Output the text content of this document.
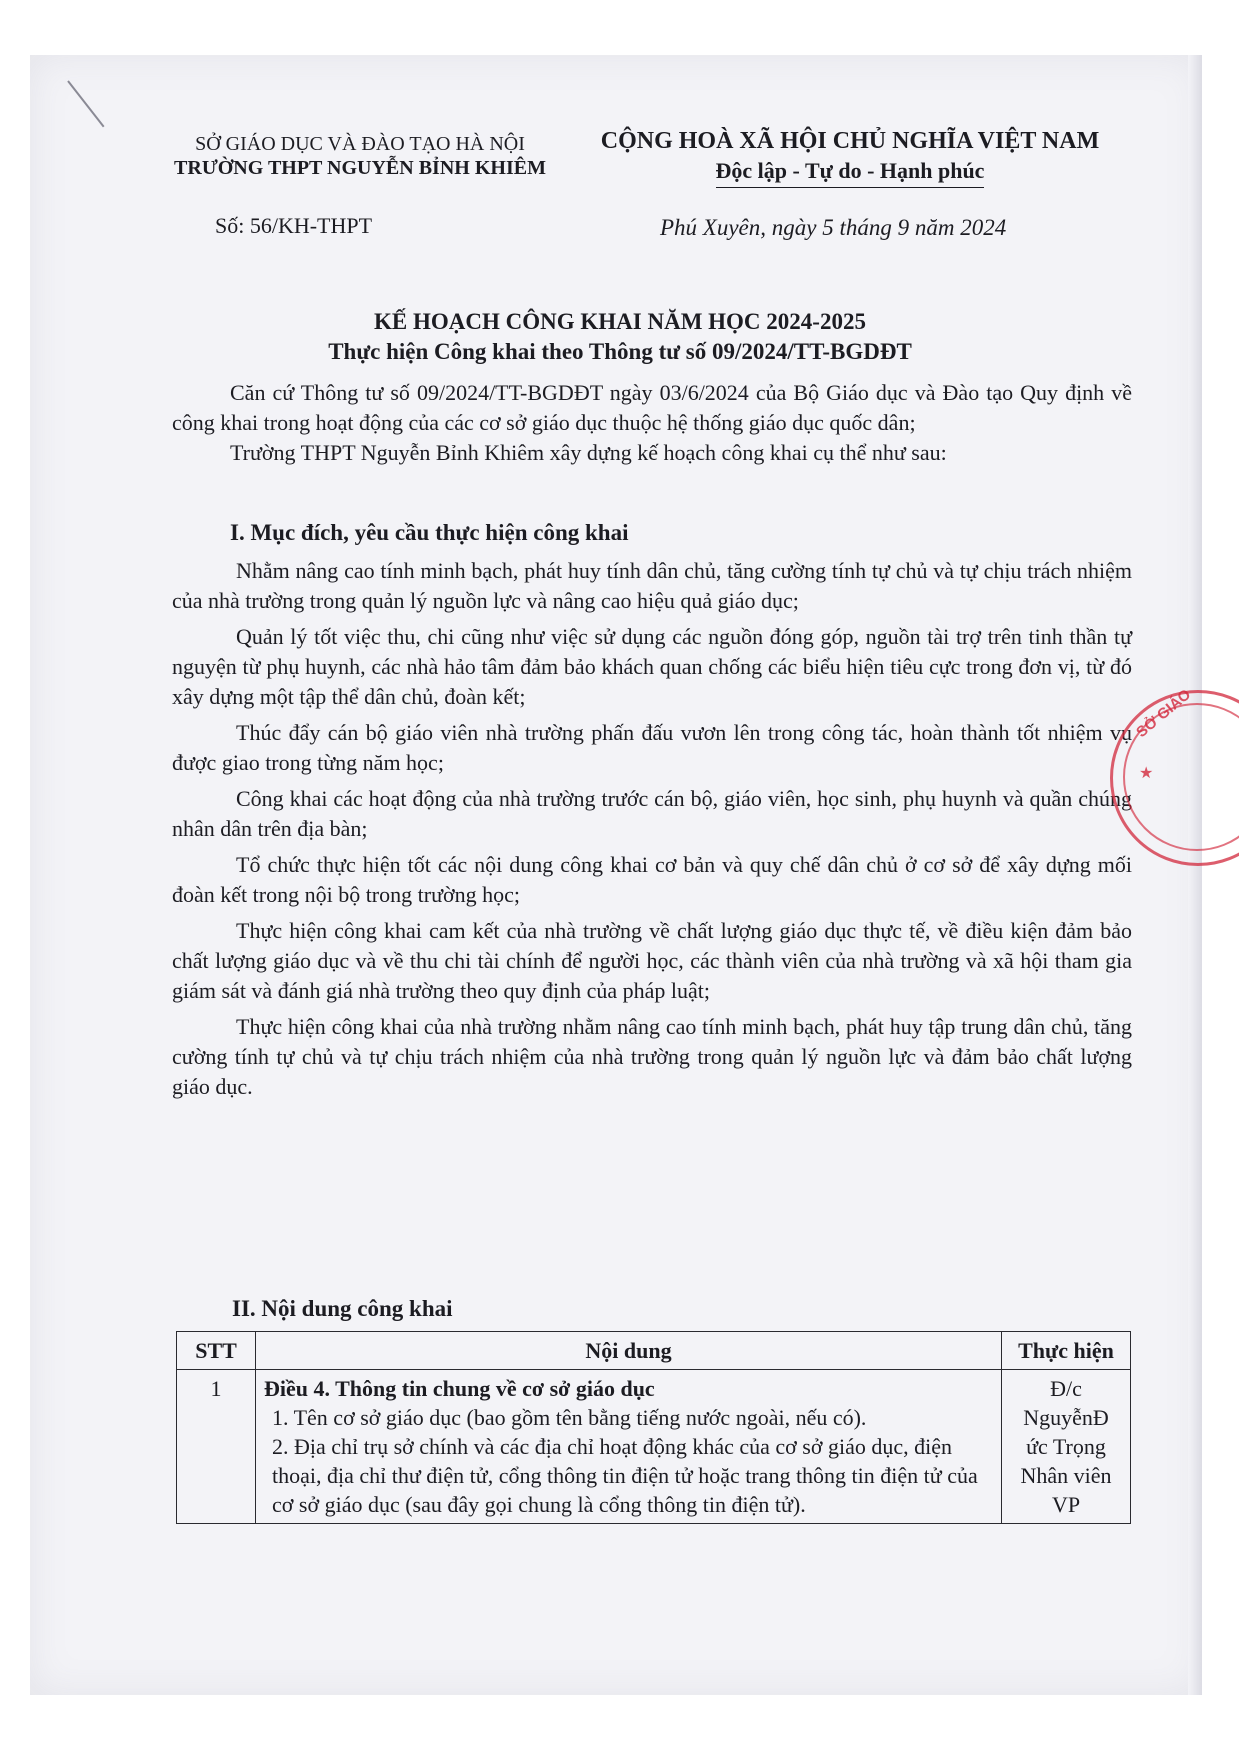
SỞ GIÁO DỤC VÀ ĐÀO TẠO HÀ NỘI
TRƯỜNG THPT NGUYỄN BỈNH KHIÊM
CỘNG HOÀ XÃ HỘI CHỦ NGHĨA VIỆT NAM
Độc lập - Tự do - Hạnh phúc
Số: 56/KH-THPT	Phú Xuyên, ngày 5 tháng 9 năm 2024
KẾ HOẠCH CÔNG KHAI NĂM HỌC 2024-2025
Thực hiện Công khai theo Thông tư số 09/2024/TT-BGDĐT

Căn cứ Thông tư số 09/2024/TT-BGDĐT ngày 03/6/2024 của Bộ Giáo dục và Đào tạo Quy định về công khai trong hoạt động của các cơ sở giáo dục thuộc hệ thống giáo dục quốc dân;

Trường THPT Nguyễn Bỉnh Khiêm xây dựng kế hoạch công khai cụ thể như sau:

I. Mục đích, yêu cầu thực hiện công khai

Nhằm nâng cao tính minh bạch, phát huy tính dân chủ, tăng cường tính tự chủ và tự chịu trách nhiệm của nhà trường trong quản lý nguồn lực và nâng cao hiệu quả giáo dục;

Quản lý tốt việc thu, chi cũng như việc sử dụng các nguồn đóng góp, nguồn tài trợ trên tinh thần tự nguyện từ phụ huynh, các nhà hảo tâm đảm bảo khách quan chống các biểu hiện tiêu cực trong đơn vị, từ đó xây dựng một tập thể dân chủ, đoàn kết;

Thúc đẩy cán bộ giáo viên nhà trường phấn đấu vươn lên trong công tác, hoàn thành tốt nhiệm vụ được giao trong từng năm học;

Công khai các hoạt động của nhà trường trước cán bộ, giáo viên, học sinh, phụ huynh và quần chúng nhân dân trên địa bàn;

Tổ chức thực hiện tốt các nội dung công khai cơ bản và quy chế dân chủ ở cơ sở để xây dựng mối đoàn kết trong nội bộ trong trường học;

Thực hiện công khai cam kết của nhà trường về chất lượng giáo dục thực tế, về điều kiện đảm bảo chất lượng giáo dục và về thu chi tài chính để người học, các thành viên của nhà trường và xã hội tham gia giám sát và đánh giá nhà trường theo quy định của pháp luật;

Thực hiện công khai của nhà trường nhằm nâng cao tính minh bạch, phát huy tập trung dân chủ, tăng cường tính tự chủ và tự chịu trách nhiệm của nhà trường trong quản lý nguồn lực và đảm bảo chất lượng giáo dục.

II. Nội dung công khai
STT	Nội dung	Thực hiện
1	Điều 4. Thông tin chung về cơ sở giáo dục
1. Tên cơ sở giáo dục (bao gồm tên bằng tiếng nước ngoài, nếu có).
2. Địa chỉ trụ sở chính và các địa chỉ hoạt động khác của cơ sở giáo dục, điện thoại, địa chỉ thư điện tử, cổng thông tin điện tử hoặc trang thông tin điện tử của cơ sở giáo dục (sau đây gọi chung là cổng thông tin điện tử).	Đ/c NguyễnĐ ức Trọng Nhân viên VP
SỞ GIÁO
★
